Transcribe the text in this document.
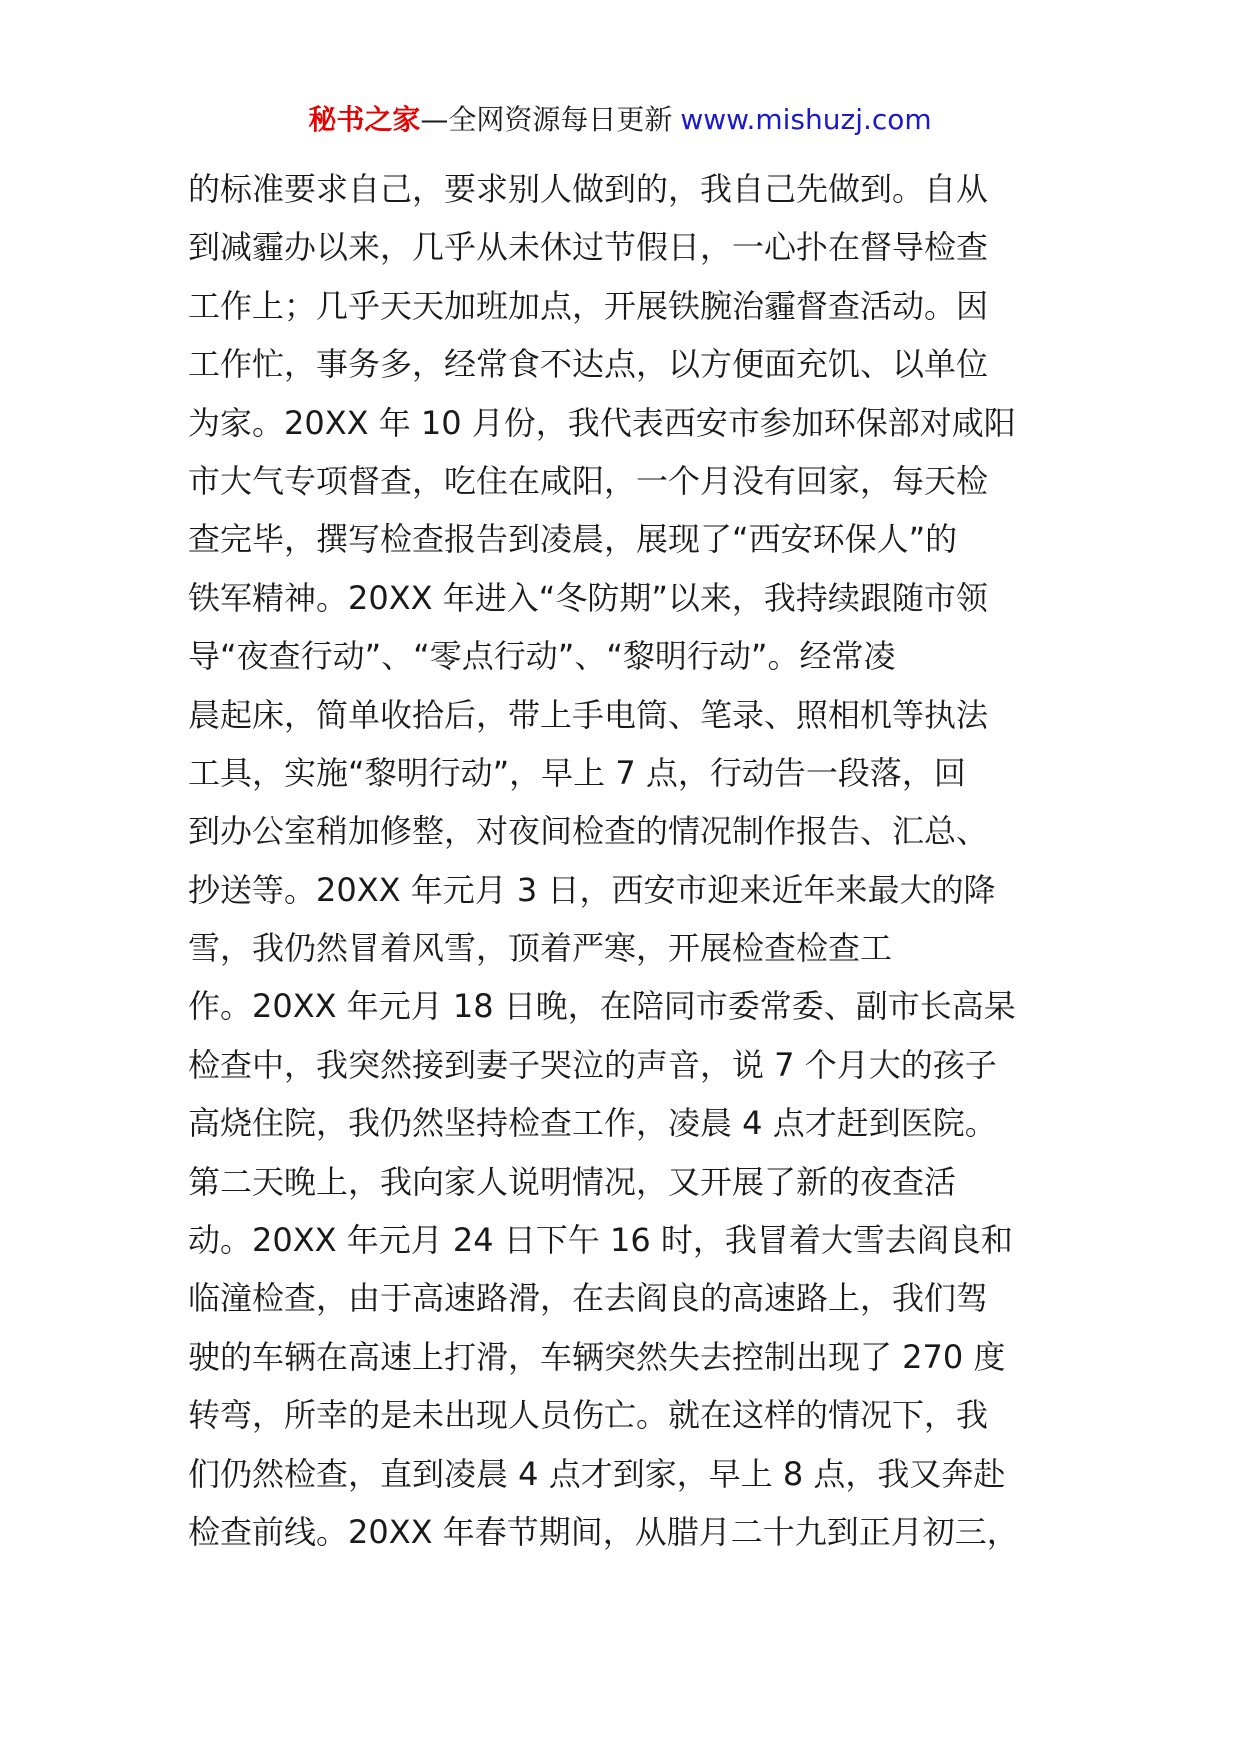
秘书之家—全网资源每日更新 www.mishuzj.com
的标准要求自己，要求别人做到的，我自己先做到。自从
到减霾办以来，几乎从未休过节假日，一心扑在督导检查
工作上；几乎天天加班加点，开展铁腕治霾督查活动。因
工作忙，事务多，经常食不达点，以方便面充饥、以单位
为家。20XX 年 10 月份，我代表西安市参加环保部对咸阳
市大气专项督查，吃住在咸阳，一个月没有回家，每天检
查完毕，撰写检查报告到凌晨，展现了“西安环保人”的
铁军精神。20XX 年进入“冬防期”以来，我持续跟随市领
导“夜查行动”、“零点行动”、“黎明行动”。经常凌
晨起床，简单收拾后，带上手电筒、笔录、照相机等执法
工具，实施“黎明行动”，早上 7 点，行动告一段落，回
到办公室稍加修整，对夜间检查的情况制作报告、汇总、
抄送等。20XX 年元月 3 日，西安市迎来近年来最大的降
雪，我仍然冒着风雪，顶着严寒，开展检查检查工
作。20XX 年元月 18 日晚，在陪同市委常委、副市长高杲
检查中，我突然接到妻子哭泣的声音，说 7 个月大的孩子
高烧住院，我仍然坚持检查工作，凌晨 4 点才赶到医院。
第二天晚上，我向家人说明情况，又开展了新的夜查活
动。20XX 年元月 24 日下午 16 时，我冒着大雪去阎良和
临潼检查，由于高速路滑，在去阎良的高速路上，我们驾
驶的车辆在高速上打滑，车辆突然失去控制出现了 270 度
转弯，所幸的是未出现人员伤亡。就在这样的情况下，我
们仍然检查，直到凌晨 4 点才到家，早上 8 点，我又奔赴
检查前线。20XX 年春节期间，从腊月二十九到正月初三，
